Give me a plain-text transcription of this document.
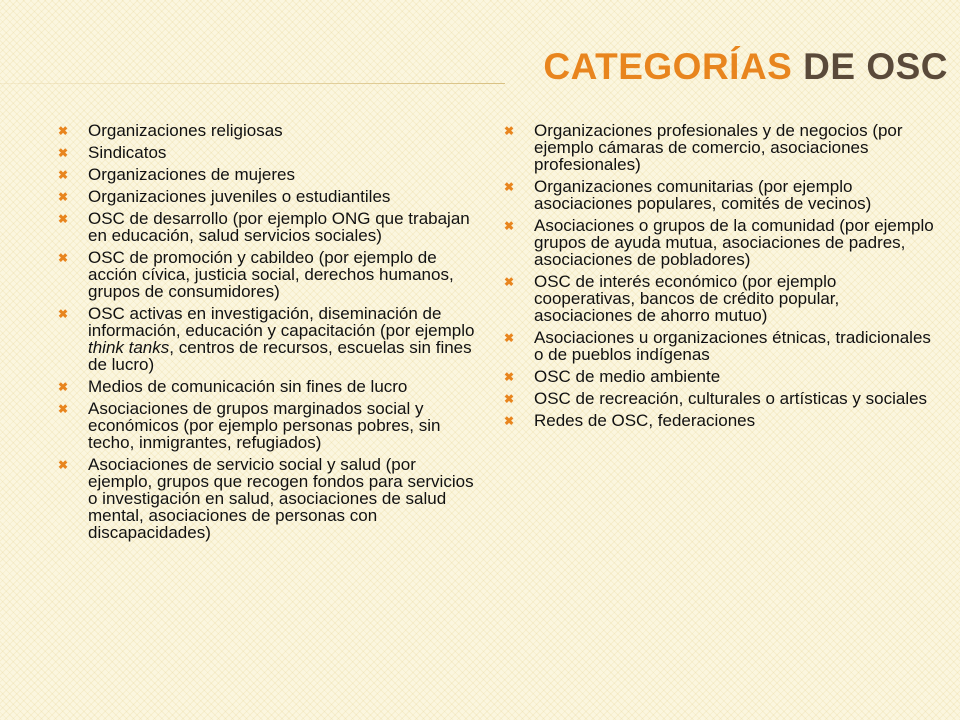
CATEGORÍAS DE OSC
✖ Organizaciones religiosas
✖ Sindicatos
✖ Organizaciones de mujeres
✖ Organizaciones juveniles o estudiantiles
✖ OSC de desarrollo (por ejemplo ONG que trabajan en educación, salud servicios sociales)
✖ OSC de promoción y cabildeo (por ejemplo de acción cívica, justicia social, derechos humanos, grupos de consumidores)
✖ OSC activas en investigación, diseminación de información, educación y capacitación (por ejemplo think tanks, centros de recursos, escuelas sin fines de lucro)
✖ Medios de comunicación sin fines de lucro
✖ Asociaciones de grupos marginados social y económicos (por ejemplo personas pobres, sin techo, inmigrantes, refugiados)
✖ Asociaciones de servicio social y salud (por ejemplo, grupos que recogen fondos para servicios o investigación en salud, asociaciones de salud mental, asociaciones de personas con discapacidades)
✖ Organizaciones profesionales y de negocios (por ejemplo cámaras de comercio, asociaciones profesionales)
✖ Organizaciones comunitarias (por ejemplo asociaciones populares, comités de vecinos)
✖ Asociaciones o grupos de la comunidad (por ejemplo grupos de ayuda mutua, asociaciones de padres, asociaciones de pobladores)
✖ OSC de interés económico (por ejemplo cooperativas, bancos de crédito popular, asociaciones de ahorro mutuo)
✖ Asociaciones u organizaciones étnicas, tradicionales o de pueblos indígenas
✖ OSC de medio ambiente
✖ OSC de recreación, culturales o artísticas y sociales
✖ Redes de OSC, federaciones
